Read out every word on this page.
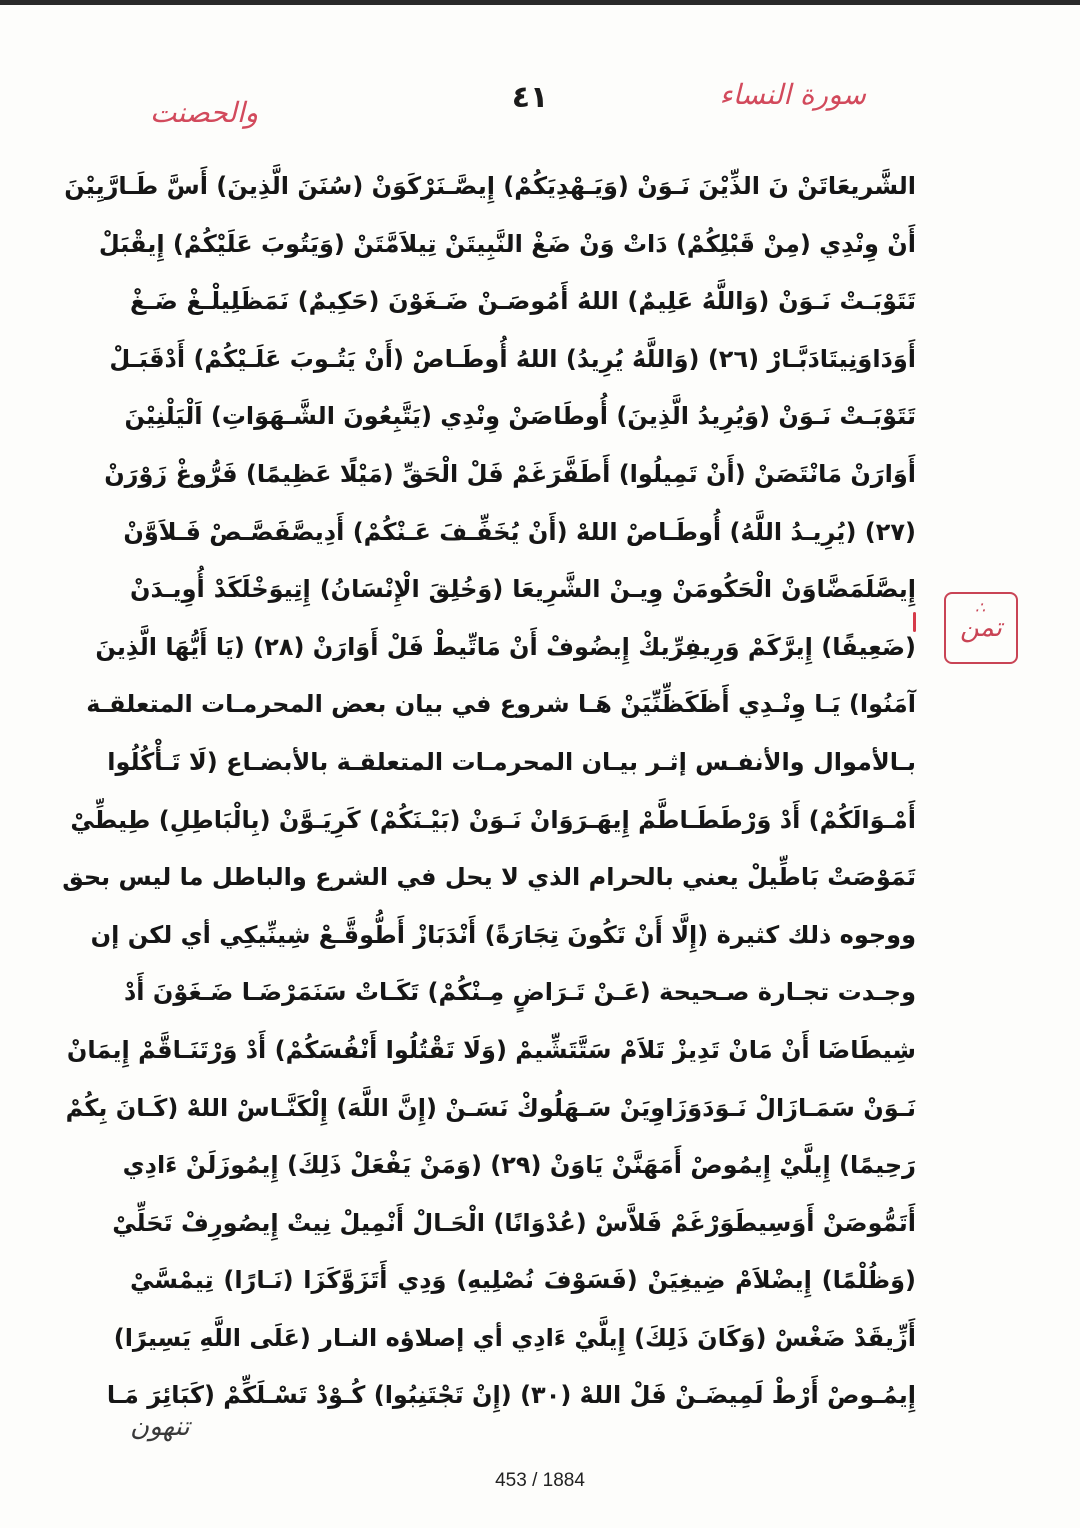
سورة النساء
٤١
والحصنت
الشَّريعَاتَنْ نَ الذِّيْنَ نَـوَنْ (وَيَـهْدِيَكُمْ) إِيصَّـنَرْكَوَنْ (سُنَنَ الَّذِينَ) أَسَّ طَـارَّيِيْنَ
أَنْ وِنْدِي (مِنْ قَبْلِكُمْ) دَاتْ وَنْ ضَغْ النَّبِيتَنْ تِيلاَمَّتَنْ (وَيَتُوبَ عَلَيْكُمْ) إِيقْبَلْ
تَتَوْبَـتْ نَـوَنْ (وَاللَّهُ عَلِيمٌ) اللهُ أَمُوصَـنْ ضَـغَوْنَ (حَكِيمٌ) نَمَظَلِيلْـغْ ضَـغْ
أَوَدَاوَنِيتَادَبَّـارْ (٢٦) (وَاللَّهُ يُرِيدُ) اللهُ أُوطَـاصْ (أَنْ يَتُـوبَ عَلَـيْكُمْ) أَدْقَبَـلْ
تَتَوْبَـتْ نَـوَنْ (وَيُرِيدُ الَّذِينَ) أُوطَاصَنْ وِنْدِي (يَتَّبِعُونَ الشَّـهَوَاتِ) اَلْيَلْنِيْنَ
أَوَارَنْ مَانْتَصَنْ (أَنْ تَمِيلُوا) أَطَفَّرَغَمْ فَلْ الْحَقِّ (مَيْلًا عَظِيمًا) فَرُّوغْ زَوْرَنْ
(٢٧) (يُرِيـدُ اللَّهُ) أُوطَـاصْ اللهْ (أَنْ يُخَفِّـفَ عَـنْكُمْ) أَدِيصَّفَصَّـصْ فَـلاَوَّنْ
إِيصَّلَمَضَّاوَنْ الْحَكُومَنْ وِيـنْ الشَّرِيعَا (وَخُلِقَ الْإِنْسَانُ) إِتِيوَخْلَكَدْ أُوِيـدَنْ
(ضَعِيفًا) إِيرَّكَمْ وَرِيفِرِّيكْ إِيضُوفْ أَنْ مَاتِّيطْ فَلْ أَوَارَنْ (٢٨) (يَا أَيُّهَا الَّذِينَ
آمَنُوا) يَـا وِنْـدِي أَظَكَظِّنِّيَنْ هَـا شروع في بيان بعض المحرمـات المتعلقـة
بـالأموال والأنفـس إثـر بيـان المحرمـات المتعلقـة بالأبضـاع (لَا تَـأْكُلُوا
أَمْـوَالَكُمْ) أَدْ وَرْطَطَـاطَّمْ إِيهَـرَوَانْ نَـوَنْ (بَيْـنَكُمْ) كَرِيَـوَّنْ (بِالْبَاطِلِ) طِيطِّيْ
تَمَوْصَتْ بَاطِّيلْ يعني بالحرام الذي لا يحل في الشرع والباطل ما ليس بحق
ووجوه ذلك كثيرة (إِلَّا أَنْ تَكُونَ تِجَارَةً) أَنْدَبَازْ أَطُّوقَّـعْ شِينِّيكِي أي لكن إن
وجـدت تجـارة صـحيحة (عَـنْ تَـرَاضٍ مِـنْكُمْ) تَكَـاتْ سَنَمَرْضَـا ضَـغَوْنَ أَدْ
شِيطَاضَا أَنْ مَانْ تَدِيزْ تَلاَمْ سَتَّتَشِّيمْ (وَلَا تَقْتُلُوا أَنْفُسَكُمْ) أَدْ وَرْتَنَـاقَّمْ إِيمَانْ
نَـوَنْ سَمَـازَالْ نَـوَدَوَزَاوِيَنْ سَـهَلُوكْ نَسَـنْ (إِنَّ اللَّهَ) إِلْكَنَّـاسْ اللهْ (كَـانَ بِكُمْ
رَحِيمًا) إِيلَّيْ إِيمُوصْ أَمَهَنَّنْ يَاوَنْ (٢٩) (وَمَنْ يَفْعَلْ ذَلِكَ) إِيمُوزَلَنْ ءَادِي
أَتَمُّوصَنْ أَوَسِيطَوَرْغَمْ فَلاَّسْ (عُدْوَانًا) الْحَـالْ أَنْمِيلْ نِيتْ إِيصُورِفْ تَحَلِّيْ
(وَظُلْمًا) إِيضْلاَمْ ضِيغِيَنْ (فَسَوْفَ نُصْلِيهِ) وَدِي أَتَزَوَّكَزَا (نَـارًا) تِيمْسَّيْ
أَزِّيقَدْ ضَغْسْ (وَكَانَ ذَلِكَ) إِيلَّيْ ءَادِي أي إصلاؤه النـار (عَلَى اللَّهِ يَسِيرًا)
إِيمُـوصْ أَرْطْ لَمِيضَـنْ فَلْ اللهْ (٣٠) (إِنْ تَجْتَنِبُوا) كُـوْدْ تَسْـلَكِّمْ (كَبَائِرَ مَـا
∴
تمن
تنهون
453 / 1884
